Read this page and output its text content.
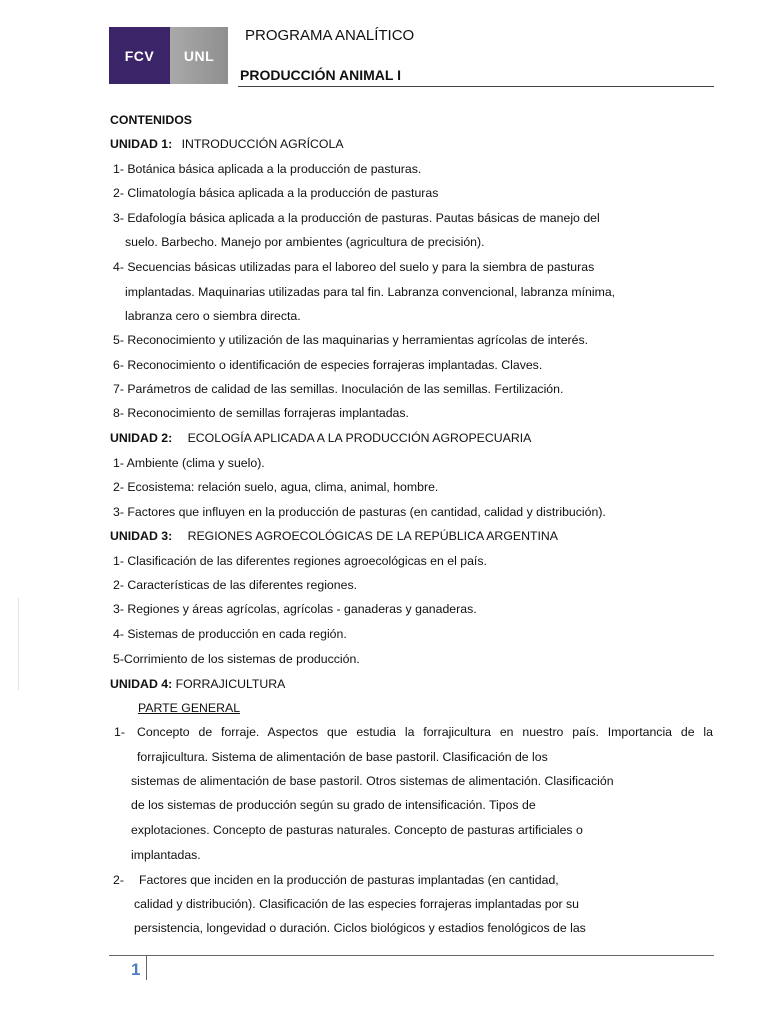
FCV UNL
PROGRAMA ANALÍTICO
PRODUCCIÓN ANIMAL I
CONTENIDOS
UNIDAD 1: INTRODUCCIÓN AGRÍCOLA
1- Botánica básica aplicada a la producción de pasturas.
2- Climatología básica aplicada a la producción de pasturas
3- Edafología básica aplicada a la producción de pasturas. Pautas básicas de manejo del
suelo. Barbecho. Manejo por ambientes (agricultura de precisión).
4- Secuencias básicas utilizadas para el laboreo del suelo y para la siembra de pasturas
implantadas. Maquinarias utilizadas para tal fin. Labranza convencional, labranza mínima,
labranza cero o siembra directa.
5- Reconocimiento y utilización de las maquinarias y herramientas agrícolas de interés.
6- Reconocimiento o identificación de especies forrajeras implantadas. Claves.
7- Parámetros de calidad de las semillas. Inoculación de las semillas. Fertilización.
8- Reconocimiento de semillas forrajeras implantadas.
UNIDAD 2: ECOLOGÍA APLICADA A LA PRODUCCIÓN AGROPECUARIA
1- Ambiente (clima y suelo).
2- Ecosistema: relación suelo, agua, clima, animal, hombre.
3- Factores que influyen en la producción de pasturas (en cantidad, calidad y distribución).
UNIDAD 3: REGIONES AGROECOLÓGICAS DE LA REPÚBLICA ARGENTINA
1- Clasificación de las diferentes regiones agroecológicas en el país.
2- Características de las diferentes regiones.
3- Regiones y áreas agrícolas, agrícolas - ganaderas y ganaderas.
4- Sistemas de producción en cada región.
5-Corrimiento de los sistemas de producción.
UNIDAD 4: FORRAJICULTURA
PARTE GENERAL
1- Concepto de forraje. Aspectos que estudia la forrajicultura en nuestro país. Importancia de la
forrajicultura. Sistema de alimentación de base pastoril. Clasificación de los
sistemas de alimentación de base pastoril. Otros sistemas de alimentación. Clasificación
de los sistemas de producción según su grado de intensificación. Tipos de
explotaciones. Concepto de pasturas naturales. Concepto de pasturas artificiales o
implantadas.
2- Factores que inciden en la producción de pasturas implantadas (en cantidad,
calidad y distribución). Clasificación de las especies forrajeras implantadas por su
persistencia, longevidad o duración. Ciclos biológicos y estadios fenológicos de las
1
